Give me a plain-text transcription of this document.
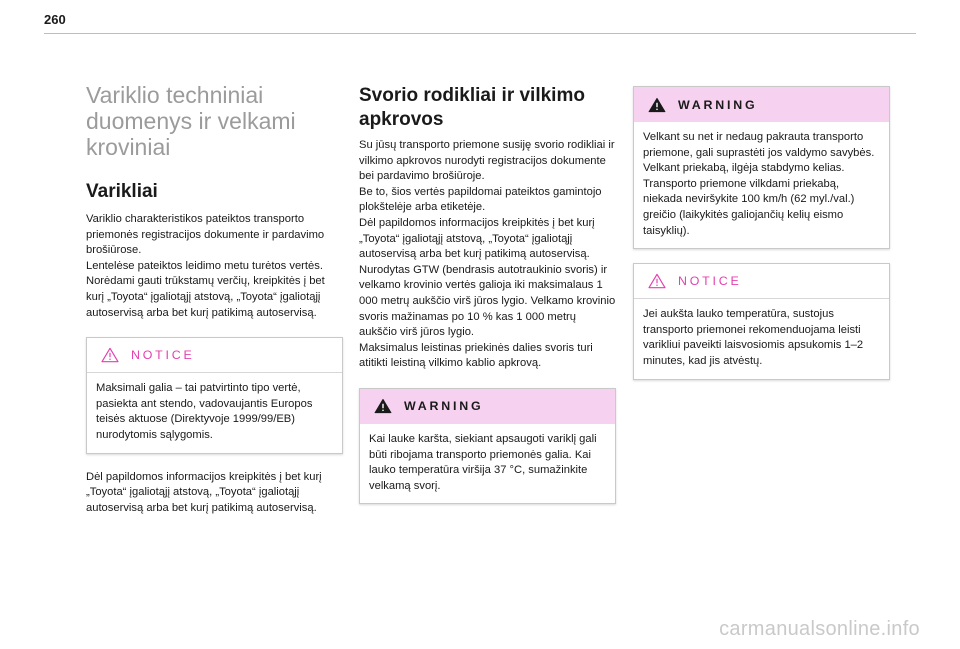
260
Variklio techniniai duomenys ir velkami kroviniai
Varikliai

Variklio charakteristikos pateiktos transporto priemonės registracijos dokumente ir pardavimo brošiūrose.

Lentelėse pateiktos leidimo metu turėtos vertės.

Norėdami gauti trūkstamų verčių, kreipkitės į bet kurį „Toyota“ įgaliotąjį atstovą, „Toyota“ įgaliotąjį autoservisą arba bet kurį patikimą autoservisą.

NOTICE
Maksimali galia – tai patvirtinto tipo vertė, pasiekta ant stendo, vadovaujantis Europos teisės aktuose (Direktyvoje 1999/99/EB) nurodytomis sąlygomis.
Dėl papildomos informacijos kreipkitės į bet kurį „Toyota“ įgaliotąjį atstovą, „Toyota“ įgaliotąjį autoservisą arba bet kurį patikimą autoservisą.
Svorio rodikliai ir vilkimo apkrovos

Su jūsų transporto priemone susiję svorio rodikliai ir vilkimo apkrovos nurodyti registracijos dokumente bei pardavimo brošiūroje.

Be to, šios vertės papildomai pateiktos gamintojo plokštelėje arba etiketėje.

Dėl papildomos informacijos kreipkitės į bet kurį „Toyota“ įgaliotąjį atstovą, „Toyota“ įgaliotąjį autoservisą arba bet kurį patikimą autoservisą.

Nurodytas GTW (bendrasis autotraukinio svoris) ir velkamo krovinio vertės galioja iki maksimalaus 1 000 metrų aukščio virš jūros lygio. Velkamo krovinio svoris mažinamas po 10 % kas 1 000 metrų aukščio virš jūros lygio.

Maksimalus leistinas priekinės dalies svoris turi atitikti leistiną vilkimo kablio apkrovą.

WARNING
Kai lauke karšta, siekiant apsaugoti variklį gali būti ribojama transporto priemonės galia. Kai lauko temperatūra viršija 37 °C, sumažinkite velkamą svorį.
WARNING

Velkant su net ir nedaug pakrauta transporto priemone, gali suprastėti jos valdymo savybės.

Velkant priekabą, ilgėja stabdymo kelias.

Transporto priemone vilkdami priekabą, niekada neviršykite 100 km/h (62 myl./val.) greičio (laikykitės galiojančių kelių eismo taisyklių).

NOTICE
Jei aukšta lauko temperatūra, sustojus transporto priemonei rekomenduojama leisti varikliui paveikti laisvosiomis apsukomis 1–2 minutes, kad jis atvėstų.
carmanualsonline.info
